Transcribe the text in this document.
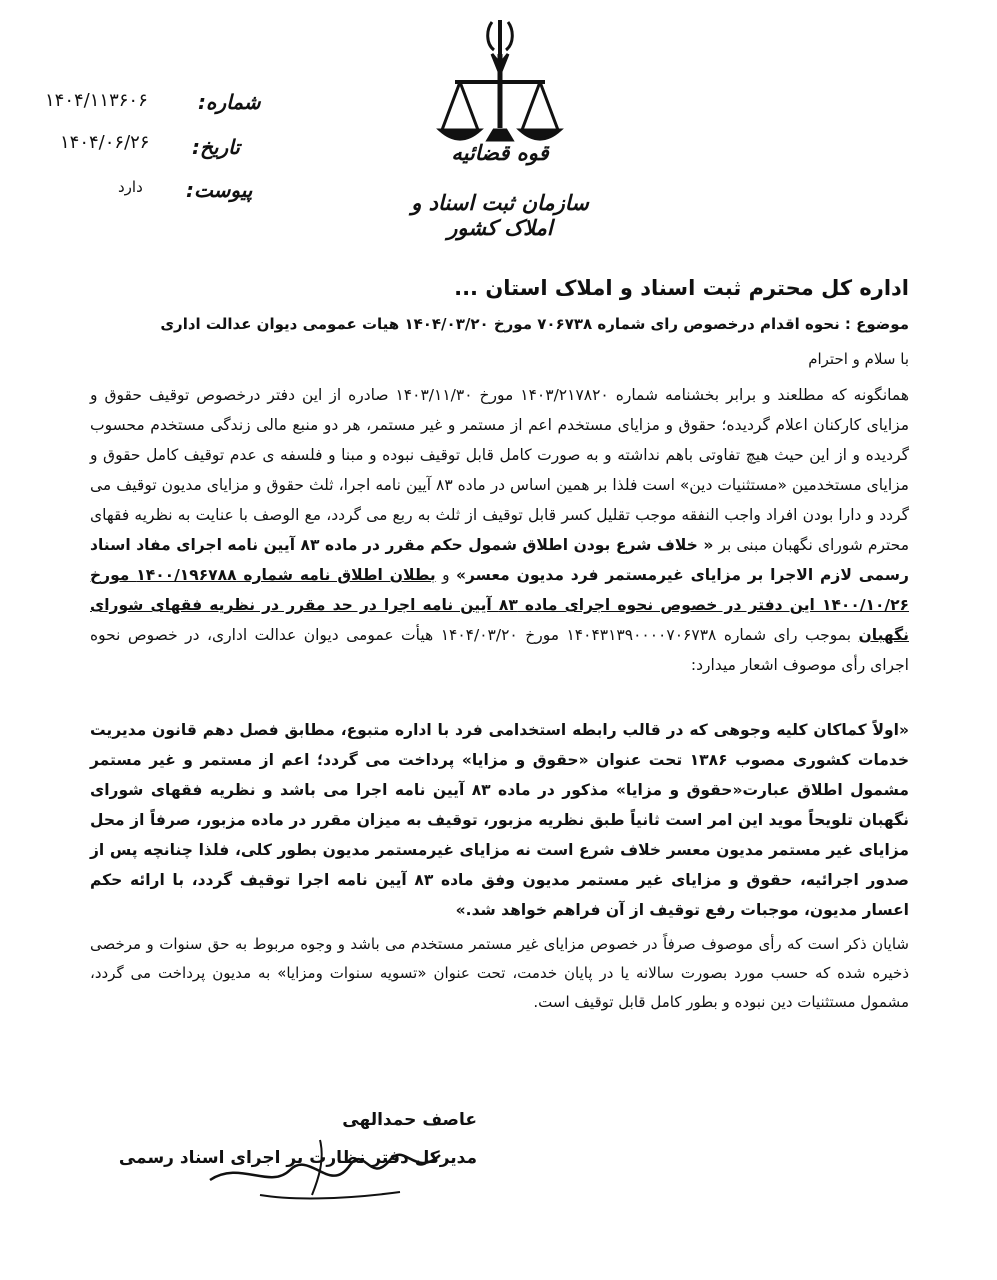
قوه قضائیه
سازمان ثبت اسناد و املاک کشور
شماره:
۱۴۰۴/۱۱۳۶۰۶
تاریخ:
۱۴۰۴/۰۶/۲۶
پیوست:
دارد
اداره کل محترم ثبت اسناد و املاک استان ...
موضوع : نحوه اقدام درخصوص رای شماره ۷۰۶۷۳۸ مورخ ۱۴۰۴/۰۳/۲۰ هیات عمومی دیوان عدالت اداری
با سلام و احترام
همانگونه که مطلعند و برابر بخشنامه شماره ۱۴۰۳/۲۱۷۸۲۰ مورخ ۱۴۰۳/۱۱/۳۰ صادره از این دفتر درخصوص توقیف حقوق و مزایای کارکنان اعلام گردیده؛ حقوق و مزایای مستخدم اعم از مستمر و غیر مستمر، هر دو منبع مالی زندگی مستخدم محسوب گردیده و از این حیث هیچ تفاوتی باهم نداشته و به صورت کامل قابل توقیف نبوده و مبنا و فلسفه ی عدم توقیف کامل حقوق و مزایای مستخدمین «مستثنیات دین» است فلذا بر همین اساس در ماده ۸۳ آیین نامه اجرا، ثلث حقوق و مزایای مدیون توقیف می گردد و دارا بودن افراد واجب النفقه موجب تقلیل کسر قابل توقیف از ثلث به ربع می گردد، مع الوصف با عنایت به نظریه فقهای محترم شورای نگهبان مبنی بر « خلاف شرع بودن اطلاق شمول حکم مقرر در ماده ۸۳ آیین نامه اجرای مفاد اسناد رسمی لازم الاجرا بر مزایای غیرمستمر فرد مدیون معسر» و بطلان اطلاق نامه شماره ۱۴۰۰/۱۹۶۷۸۸ مورخ ۱۴۰۰/۱۰/۲۶ این دفتر در خصوص نحوه اجرای ماده ۸۳ آیین نامه اجرا در حد مقرر در نظریه فقهای شورای نگهبان بموجب رای شماره ۱۴۰۴۳۱۳۹۰۰۰۰۷۰۶۷۳۸ مورخ ۱۴۰۴/۰۳/۲۰ هیأت عمومی دیوان عدالت اداری، در خصوص نحوه اجرای رأی موصوف اشعار میدارد:
«اولاً کماکان کلیه وجوهی که در قالب رابطه استخدامی فرد با اداره متبوع، مطابق فصل دهم قانون مدیریت خدمات کشوری مصوب ۱۳۸۶ تحت عنوان «حقوق و مزایا» پرداخت می گردد؛ اعم از مستمر و غیر مستمر مشمول اطلاق عبارت«حقوق و مزایا» مذکور در ماده ۸۳ آیین نامه اجرا می باشد و نظریه فقهای شورای نگهبان تلویحاً موید این امر است ثانیاً طبق نظریه مزبور، توقیف به میزان مقرر در ماده مزبور، صرفاً از محل مزایای غیر مستمر مدیون معسر خلاف شرع است نه مزایای غیرمستمر مدیون بطور کلی، فلذا چنانچه پس از صدور اجرائیه، حقوق و مزایای غیر مستمر مدیون وفق ماده ۸۳ آیین نامه اجرا توقیف گردد، با ارائه حکم اعسار مدیون، موجبات رفع توقیف از آن فراهم خواهد شد.»
شایان ذکر است که رأی موصوف صرفاً در خصوص مزایای غیر مستمر مستخدم می باشد و وجوه مربوط به حق سنوات و مرخصی ذخیره شده که حسب مورد بصورت سالانه یا در پایان خدمت، تحت عنوان «تسویه سنوات ومزایا» به مدیون پرداخت می گردد، مشمول مستثنیات دین نبوده و بطور کامل قابل توقیف است.
عاصف حمدالهی
مدیرکل دفتر نظارت بر اجرای اسناد رسمی
